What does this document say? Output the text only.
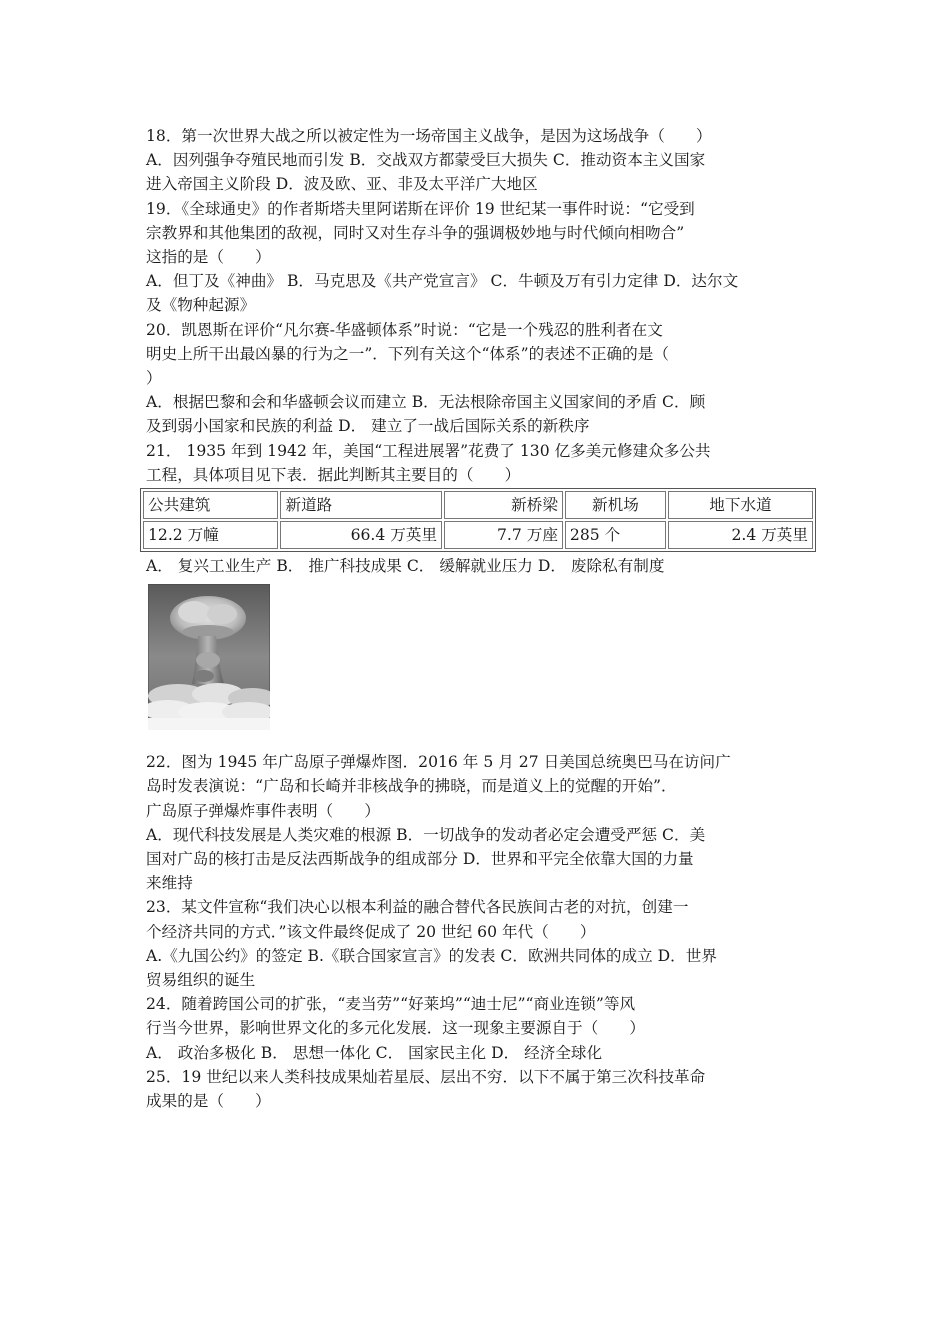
18．第一次世界大战之所以被定性为一场帝国主义战争，是因为这场战争（　　）
A．因列强争夺殖民地而引发 B．交战双方都蒙受巨大损失 C．推动资本主义国家
进入帝国主义阶段 D．波及欧、亚、非及太平洋广大地区
19．《全球通史》的作者斯塔夫里阿诺斯在评价 19 世纪某一事件时说：“它受到
宗教界和其他集团的敌视，同时又对生存斗争的强调极妙地与时代倾向相吻合”
这指的是（　　）
A．但丁及《神曲》 B．马克思及《共产党宣言》 C．牛顿及万有引力定律 D．达尔文
及《物种起源》
20．凯恩斯在评价“凡尔赛-华盛顿体系”时说：“它是一个残忍的胜利者在文
明史上所干出最凶暴的行为之一”．下列有关这个“体系”的表述不正确的是（
）
A．根据巴黎和会和华盛顿会议而建立 B．无法根除帝国主义国家间的矛盾 C．顾
及到弱小国家和民族的利益 D． 建立了一战后国际关系的新秩序
21． 1935 年到 1942 年，美国“工程进展署”花费了 130 亿多美元修建众多公共
工程，具体项目见下表．据此判断其主要目的（　　）
公共建筑	新道路	新桥梁	新机场	地下水道
12.2 万幢	66.4 万英里	7.7 万座	285 个	2.4 万英里
A． 复兴工业生产 B． 推广科技成果 C． 缓解就业压力 D． 废除私有制度
22．图为 1945 年广岛原子弹爆炸图．2016 年 5 月 27 日美国总统奥巴马在访问广
岛时发表演说：“广岛和长崎并非核战争的拂晓，而是道义上的觉醒的开始”．
广岛原子弹爆炸事件表明（　　）
A．现代科技发展是人类灾难的根源 B．一切战争的发动者必定会遭受严惩 C．美
国对广岛的核打击是反法西斯战争的组成部分 D．世界和平完全依靠大国的力量
来维持
23．某文件宣称“我们决心以根本利益的融合替代各民族间古老的对抗，创建一
个经济共同的方式．”该文件最终促成了 20 世纪 60 年代（　　）
A.《九国公约》的签定 B.《联合国家宣言》的发表 C．欧洲共同体的成立 D．世界
贸易组织的诞生
24．随着跨国公司的扩张，“麦当劳”“好莱坞”“迪士尼”“商业连锁”等风
行当今世界，影响世界文化的多元化发展．这一现象主要源自于（　　）
A． 政治多极化 B． 思想一体化 C． 国家民主化 D． 经济全球化
25．19 世纪以来人类科技成果灿若星辰、层出不穷．以下不属于第三次科技革命
成果的是（　　）
